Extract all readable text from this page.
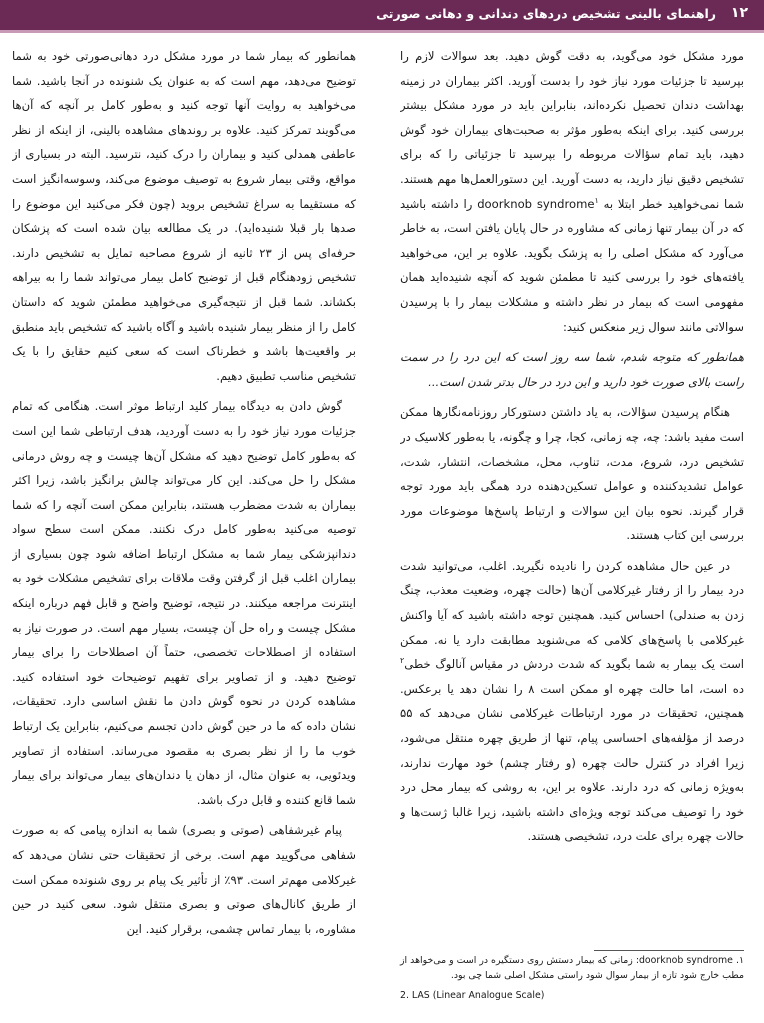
۱۲
راهنمای بالینی تشخیص دردهای دندانی و دهانی صورتی

مورد مشکل خود می‌گوید، به دقت گوش دهید. بعد سوالات لازم را بپرسید تا جزئیات مورد نیاز خود را بدست آورید. اکثر بیماران در زمینه بهداشت دندان تحصیل نکرده‌اند، بنابراین باید در مورد مشکل بیشتر بررسی کنید. برای اینکه به‌طور مؤثر به صحبت‌های بیماران خود گوش دهید، باید تمام سؤالات مربوطه را بپرسید تا جزئیاتی را که برای تشخیص دقیق نیاز دارید، به دست آورید. این دستورالعمل‌ها مهم هستند. شما نمی‌خواهید خطر ابتلا به doorknob syndrome$^۱$ را داشته باشید که در آن بیمار تنها زمانی که مشاوره در حال پایان یافتن است، به خاطر می‌آورد که مشکل اصلی را به پزشک بگوید. علاوه بر این، می‌خواهید یافته‌های خود را بررسی کنید تا مطمئن شوید که آنچه شنیده‌اید همان مفهومی است که بیمار در نظر داشته و مشکلات بیمار را با پرسیدن سوالاتی مانند سوال زیر منعکس کنید:

همانطور که متوجه شدم، شما سه روز است که این درد را در سمت راست بالای صورت خود دارید و این درد در حال بدتر شدن است...

هنگام پرسیدن سؤالات، به یاد داشتن دستورکار روزنامه‌نگارها ممکن است مفید باشد: چه، چه زمانی، کجا، چرا و چگونه، یا به‌طور کلاسیک در تشخیص درد، شروع، مدت، تناوب، محل، مشخصات، انتشار، شدت، عوامل تشدیدکننده و عوامل تسکین‌دهنده درد همگی باید مورد توجه قرار گیرند. نحوه بیان این سوالات و ارتباط پاسخ‌ها موضوعات مورد بررسی این کتاب هستند.

در عین حال مشاهده کردن را نادیده نگیرید. اغلب، می‌توانید شدت درد بیمار را از رفتار غیرکلامی آن‌ها (حالت چهره، وضعیت معذب، چنگ زدن به صندلی) احساس کنید. همچنین توجه داشته باشید که آیا واکنش غیرکلامی با پاسخ‌های کلامی که می‌شنوید مطابقت دارد یا نه. ممکن است یک بیمار به شما بگوید که شدت دردش در مقیاس آنالوگ خطی$^۲$ ده است، اما حالت چهره او ممکن است ۸ را نشان دهد یا برعکس. همچنین، تحقیقات در مورد ارتباطات غیرکلامی نشان می‌دهد که ۵۵ درصد از مؤلفه‌های احساسی پیام، تنها از طریق چهره منتقل می‌شود، زیرا افراد در کنترل حالت چهره (و رفتار چشم) خود مهارت ندارند، به‌ویژه زمانی که درد دارند. علاوه بر این، به روشی که بیمار محل درد خود را توصیف می‌کند توجه ویژه‌ای داشته باشید، زیرا غالبا ژست‌ها و حالات چهره برای علت درد، تشخیصی هستند.

همانطور که بیمار شما در مورد مشکل درد دهانی‌صورتی خود به شما توضیح می‌دهد، مهم است که به عنوان یک شنونده در آنجا باشید. شما می‌خواهید به روایت آنها توجه کنید و به‌طور کامل بر آنچه که آن‌ها می‌گویند تمرکز کنید. علاوه بر روندهای مشاهده بالینی، از اینکه از نظر عاطفی همدلی کنید و بیماران را درک کنید، نترسید. البته در بسیاری از مواقع، وقتی بیمار شروع به توصیف موضوع می‌کند، وسوسه‌انگیز است که مستقیما به سراغ تشخیص بروید (چون فکر می‌کنید این موضوع را صدها بار قبلا شنیده‌اید). در یک مطالعه بیان شده است که پزشکان حرفه‌ای پس از ۲۳ ثانیه از شروع مصاحبه تمایل به تشخیص دارند. تشخیص زودهنگام قبل از توضیح کامل بیمار می‌تواند شما را به بیراهه بکشاند. شما قبل از نتیجه‌گیری می‌خواهید مطمئن شوید که داستان کامل را از منظر بیمار شنیده باشید و آگاه باشید که تشخیص باید منطبق بر واقعیت‌ها باشد و خطرناک است که سعی کنیم حقایق را با یک تشخیص مناسب تطبیق دهیم.

گوش دادن به دیدگاه بیمار کلید ارتباط موثر است. هنگامی که تمام جزئیات مورد نیاز خود را به دست آوردید، هدف ارتباطی شما این است که به‌طور کامل توضیح دهید که مشکل آن‌ها چیست و چه روش درمانی مشکل را حل می‌کند. این کار می‌تواند چالش برانگیز باشد، زیرا اکثر بیماران به شدت مضطرب هستند، بنابراین ممکن است آنچه را که شما توصیه می‌کنید به‌طور کامل درک نکنند. ممکن است سطح سواد دندانپزشکی بیمار شما به مشکل ارتباط اضافه شود چون بسیاری از بیماران اغلب قبل از گرفتن وقت ملاقات برای تشخیص مشکلات خود به اینترنت مراجعه میکنند. در نتیجه، توضیح واضح و قابل فهم درباره اینکه مشکل چیست و راه حل آن چیست، بسیار مهم است. در صورت نیاز به استفاده از اصطلاحات تخصصی، حتماً آن اصطلاحات را برای بیمار توضیح دهید. و از تصاویر برای تفهیم توضیحات خود استفاده کنید. مشاهده کردن در نحوه گوش دادن ما نقش اساسی دارد. تحقیقات، نشان داده که ما در حین گوش دادن تجسم می‌کنیم، بنابراین یک ارتباط خوب ما را از نظر بصری به مقصود می‌رساند. استفاده از تصاویر ویدئویی، به عنوان مثال، از دهان یا دندان‌های بیمار می‌تواند برای بیمار شما قانع کننده و قابل درک باشد.

پیام غیرشفاهی (صوتی و بصری) شما به اندازه پیامی که به صورت شفاهی می‌گویید مهم است. برخی از تحقیقات حتی نشان می‌دهد که غیرکلامی مهم‌تر است. ۹۳٪ از تأثیر یک پیام بر روی شنونده ممکن است از طریق کانال‌های صوتی و بصری منتقل شود. سعی کنید در حین مشاوره، با بیمار تماس چشمی، برقرار کنید. این

۱. doorknob syndrome: زمانی که بیمار دستش روی دستگیره در است و می‌خواهد از مطب خارج شود تازه از بیمار سوال شود راستی مشکل اصلی شما چی بود.
2. LAS (Linear Analogue Scale)
